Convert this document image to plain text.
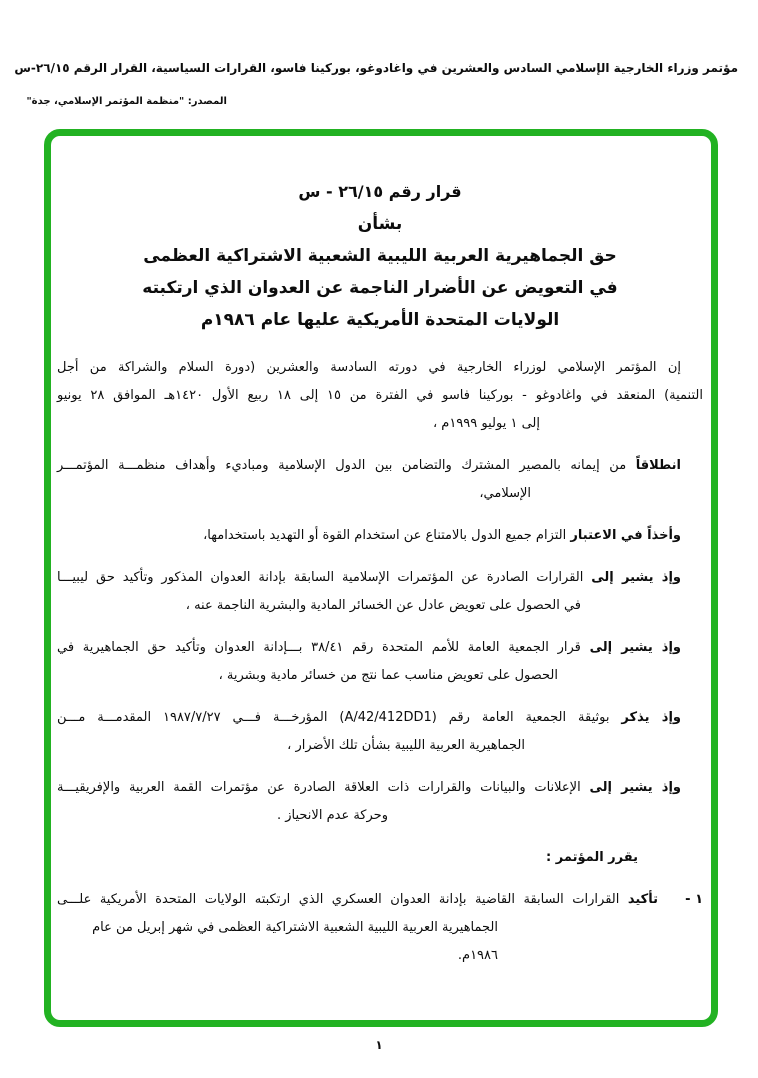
مؤتمر وزراء الخارجية الإسلامي السادس والعشرين في واغادوغو، بوركينا فاسو، القرارات السياسية، القرار الرقم ٢٦/١٥-س
المصدر: "منظمة المؤتمر الإسلامي، جدة"
قرار رقم ٢٦/١٥ - س
بشأن
حق الجماهيرية العربية الليبية الشعبية الاشتراكية العظمى
في التعويض عن الأضرار الناجمة عن العدوان الذي ارتكبته
الولايات المتحدة الأمريكية عليها عام ١٩٨٦م
إن المؤتمر الإسلامي لوزراء الخارجية في دورته السادسة والعشرين (دورة السلام والشراكة من أجل
التنمية) المنعقد في واغادوغو - بوركينا فاسو في الفترة من ١٥ إلى ١٨ ربيع الأول ١٤٢٠هـ الموافق ٢٨ يونيو
إلى ١ يوليو ١٩٩٩م ،
انطلاقاً من إيمانه بالمصير المشترك والتضامن بين الدول الإسلامية ومباديء وأهداف منظمـــة المؤتمـــر
الإسلامي،
وأخذاً في الاعتبار التزام جميع الدول بالامتناع عن استخدام القوة أو التهديد باستخدامها،
وإذ يشير إلى القرارات الصادرة عن المؤتمرات الإسلامية السابقة بإدانة العدوان المذكور وتأكيد حق ليبيـــا
في الحصول على تعويض عادل عن الخسائر المادية والبشرية الناجمة عنه ،
وإذ يشير إلى قرار الجمعية العامة للأمم المتحدة رقم ٣٨/٤١ بـــإدانة العدوان وتأكيد حق الجماهيرية في
الحصول على تعويض مناسب عما نتج من خسائر مادية وبشرية ،
وإذ يذكر بوثيقة الجمعية العامة رقم (A/42/412DD1) المؤرخـــة فـــي ١٩٨٧/٧/٢٧ المقدمـــة مـــن
الجماهيرية العربية الليبية بشأن تلك الأضرار ،
وإذ يشير إلى الإعلانات والبيانات والقرارات ذات العلاقة الصادرة عن مؤتمرات القمة العربية والإفريقيـــة
وحركة عدم الانحياز .
يقرر المؤتمر :
١ -
تأكيد القرارات السابقة القاضية بإدانة العدوان العسكري الذي ارتكبته الولايات المتحدة الأمريكية علـــى
الجماهيرية العربية الليبية الشعبية الاشتراكية العظمى في شهر إبريل من عام ١٩٨٦م.
١
